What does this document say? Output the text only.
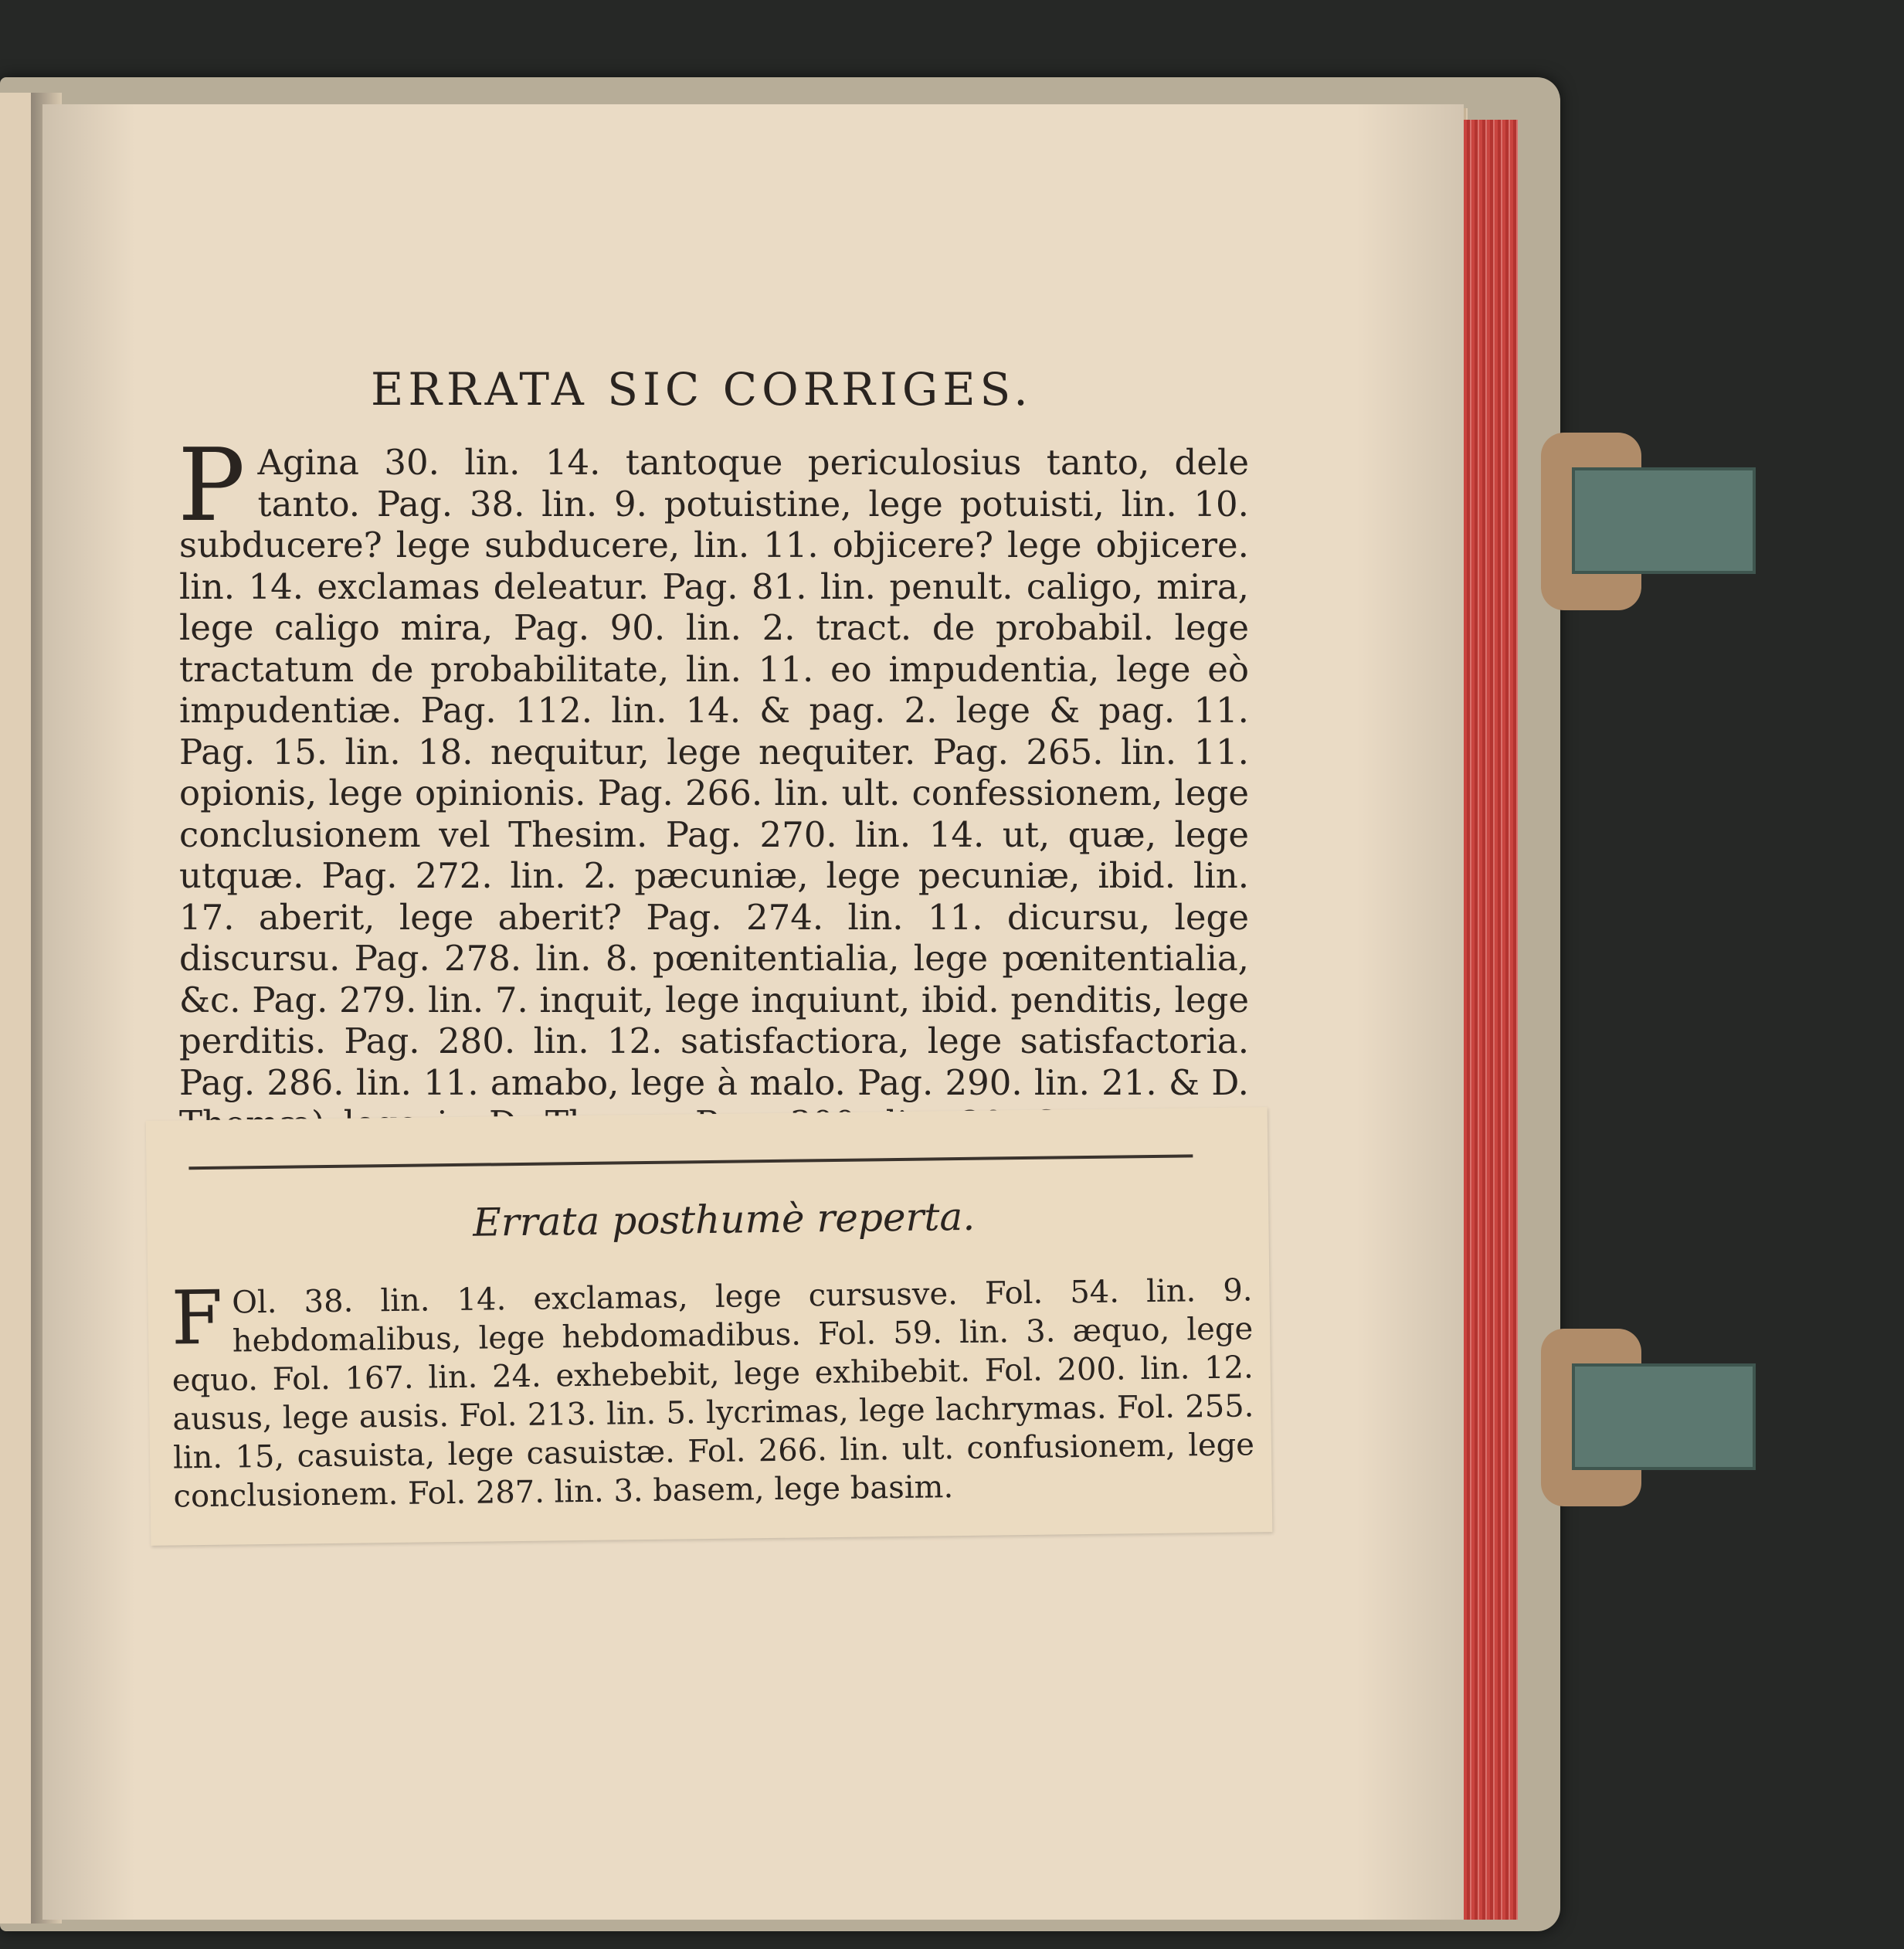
ERRATA SIC CORRIGES.
P Agina 30. lin. 14. tantoque periculosius tanto, dele tanto. Pag. 38. lin. 9. potuistine, lege potuisti, lin. 10. subducere? lege subducere, lin. 11. objicere? lege objicere. lin. 14. exclamas deleatur. Pag. 81. lin. penult. caligo, mira, lege caligo mira, Pag. 90. lin. 2. tract. de probabil. lege tractatum de probabilitate, lin. 11. eo impudentia, lege eò impudentiæ. Pag. 112. lin. 14. & pag. 2. lege & pag. 11. Pag. 15. lin. 18. nequitur, lege nequiter. Pag. 265. lin. 11. opionis, lege opinionis. Pag. 266. lin. ult. confessionem, lege conclusionem vel Thesim. Pag. 270. lin. 14. ut, quæ, lege utquæ. Pag. 272. lin. 2. pæcuniæ, lege pecuniæ, ibid. lin. 17. aberit, lege aberit? Pag. 274. lin. 11. dicursu, lege discursu. Pag. 278. lin. 8. pœnitentialia, lege pœnitentialia, &c. Pag. 279. lin. 7. inquit, lege inquiunt, ibid. penditis, lege perditis. Pag. 280. lin. 12. satisfactiora, lege satisfactoria. Pag. 286. lin. 11. amabo, lege à malo. Pag. 290. lin. 21. & D.
Errata posthumè reperta.
F Ol. 38. lin. 14. exclamas, lege cursusve. Fol. 54. lin. 9. hebdomalibus, lege hebdomadibus. Fol. 59. lin. 3. æquo, lege equo. Fol. 167. lin. 24. exhebebit, lege exhibebit. Fol. 200. lin. 12. ausus, lege ausis. Fol. 213. lin. 5. lycrimas, lege lachrymas. Fol. 255. lin. 15, casuista, lege casuistæ. Fol. 266. lin. ult. confusionem, lege conclusionem. Fol. 287. lin. 3. basem, lege basim.
